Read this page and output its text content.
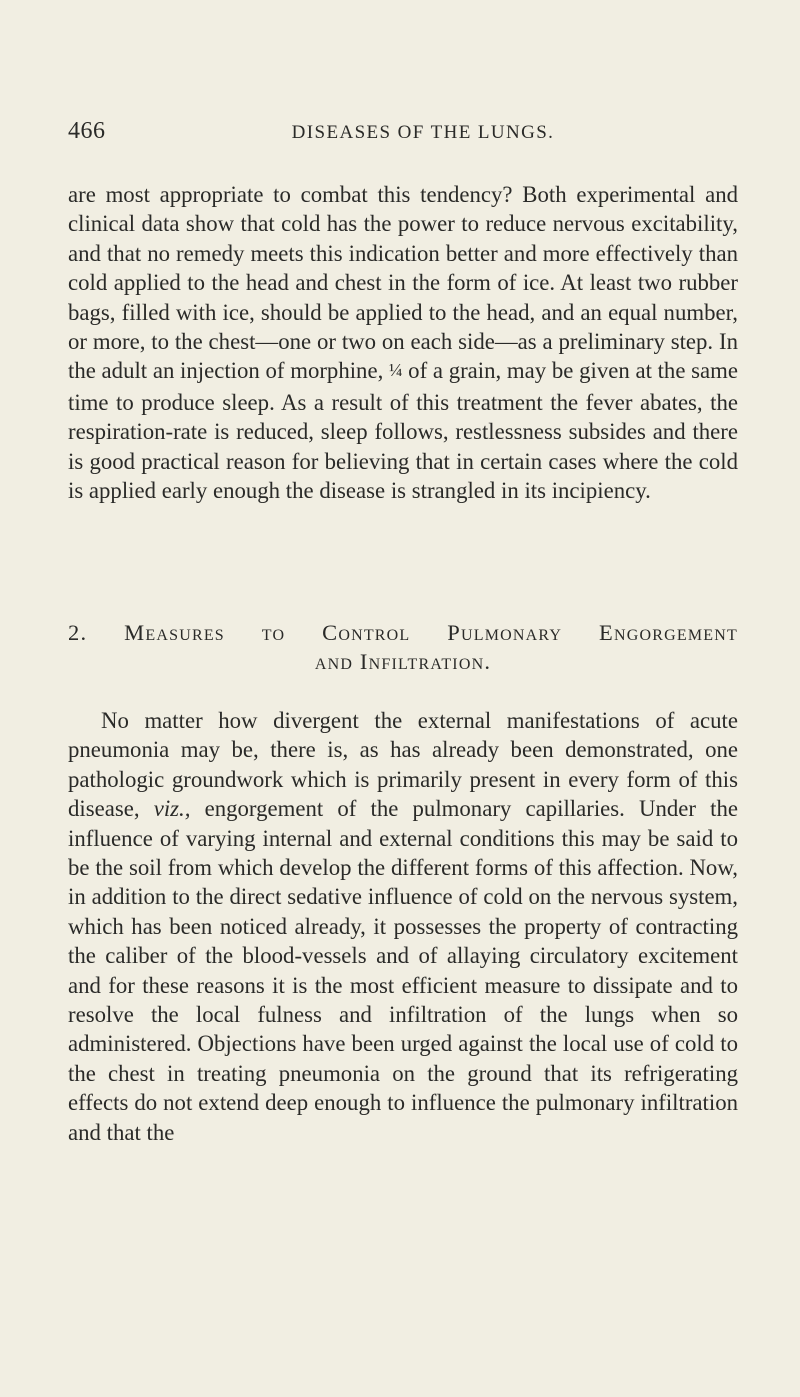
466	DISEASES OF THE LUNGS.

are most appropriate to combat this tendency? Both experimental and clinical data show that cold has the power to reduce nervous excitability, and that no remedy meets this indication better and more effectively than cold applied to the head and chest in the form of ice. At least two rubber bags, filled with ice, should be applied to the head, and an equal number, or more, to the chest—one or two on each side—as a preliminary step. In the adult an injection of morphine, ¼ of a grain, may be given at the same time to produce sleep. As a result of this treatment the fever abates, the respiration-rate is reduced, sleep follows, restlessness subsides and there is good practical reason for believing that in certain cases where the cold is applied early enough the disease is strangled in its incipiency.

2. Measures to Control Pulmonary Engorgement
and Infiltration.

No matter how divergent the external manifestations of acute pneumonia may be, there is, as has already been demonstrated, one pathologic groundwork which is primarily present in every form of this disease, viz., engorgement of the pulmonary capillaries. Under the influence of varying internal and external conditions this may be said to be the soil from which develop the different forms of this affection. Now, in addition to the direct sedative influence of cold on the nervous system, which has been noticed already, it possesses the property of contracting the caliber of the blood-vessels and of allaying circulatory excitement and for these reasons it is the most efficient measure to dissipate and to resolve the local fulness and infiltration of the lungs when so administered. Objections have been urged against the local use of cold to the chest in treating pneumonia on the ground that its refrigerating effects do not extend deep enough to influence the pulmonary infiltration and that the
